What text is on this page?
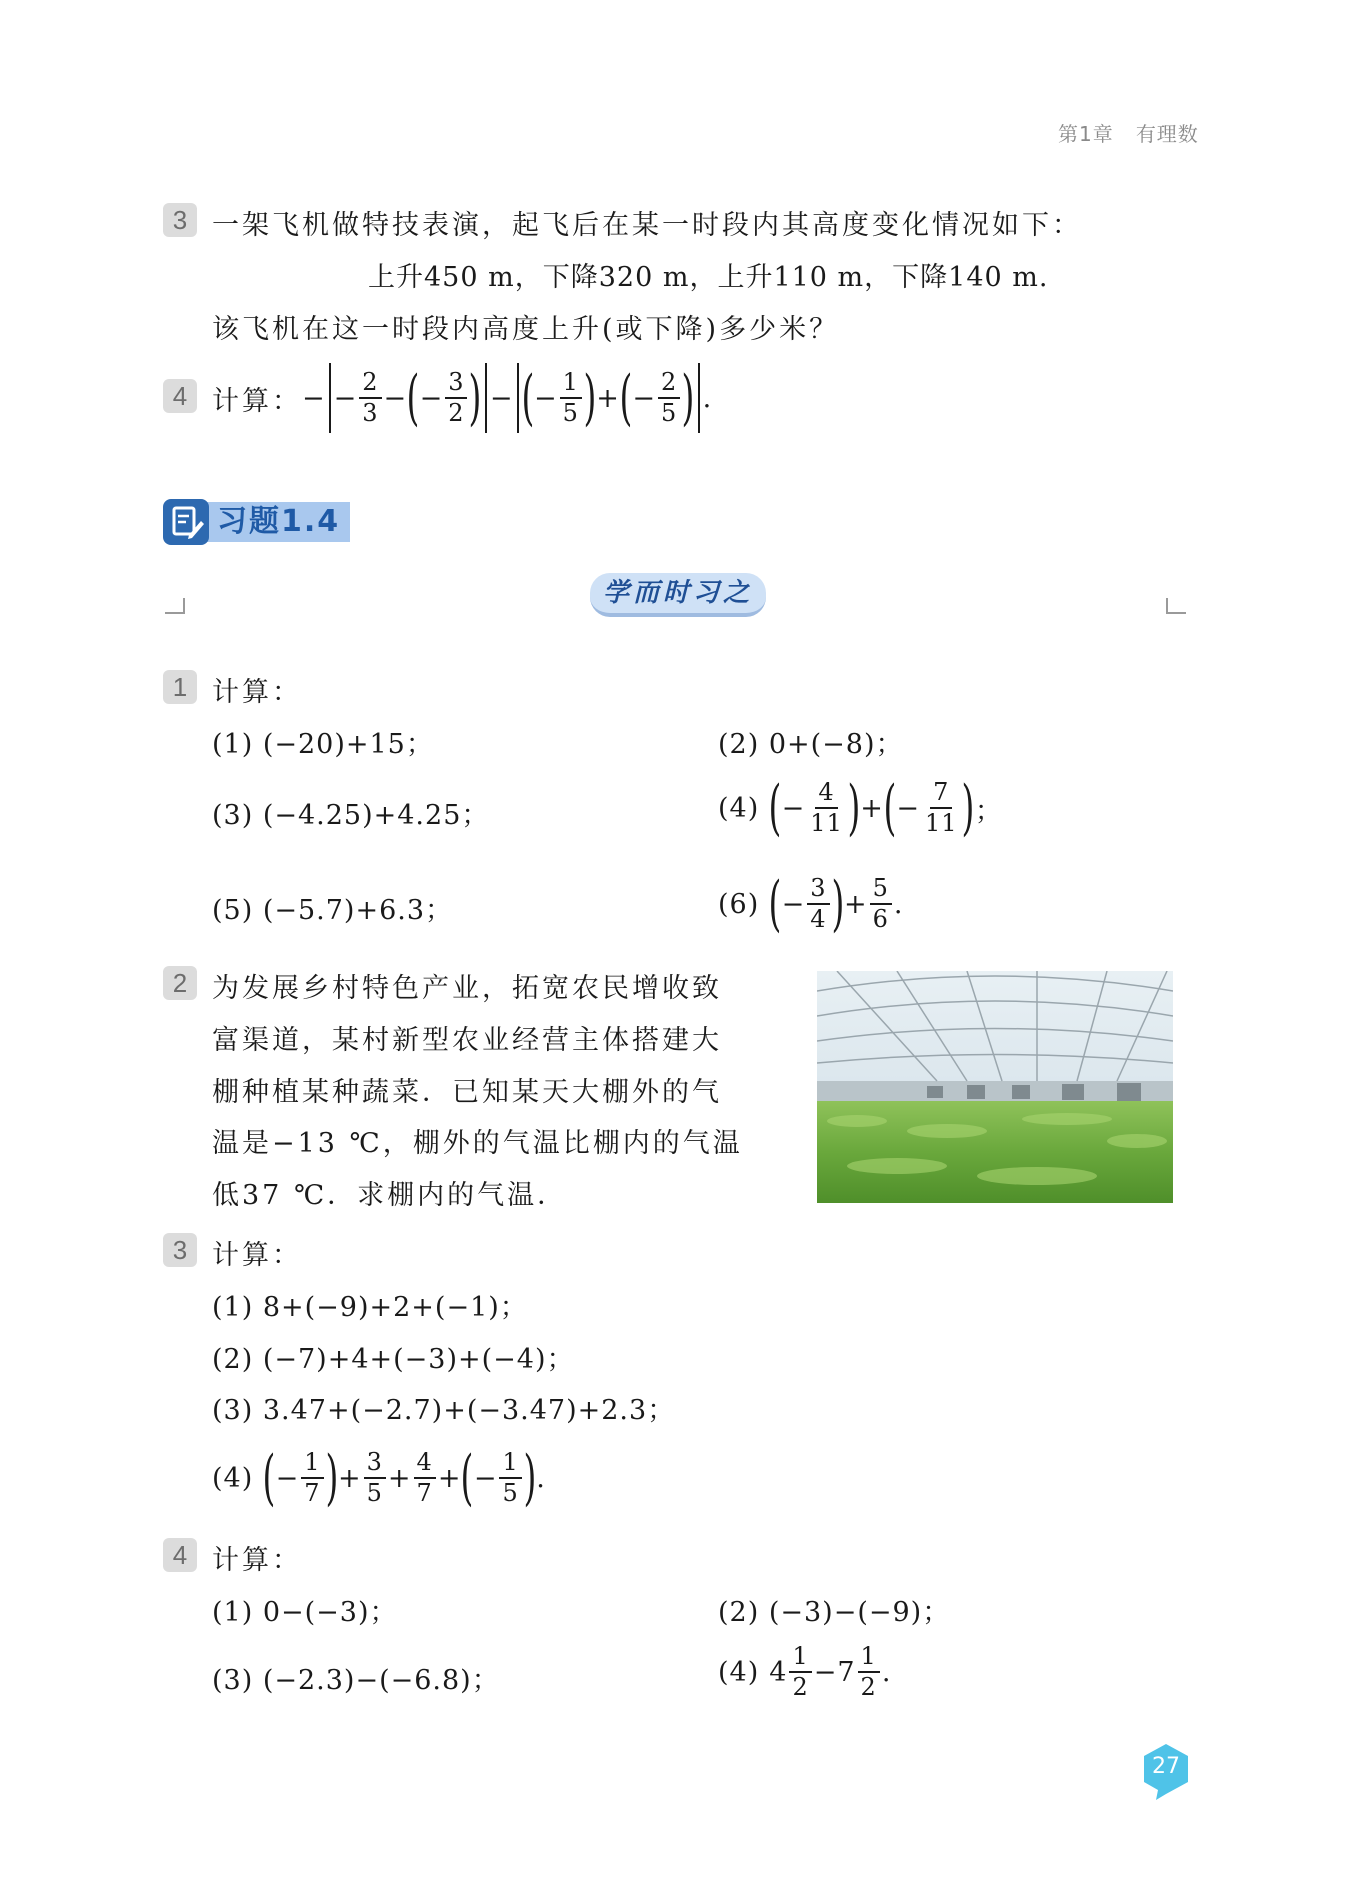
第1章 有理数
3 一架飞机做特技表演，起飞后在某一时段内其高度变化情况如下：
上升450 m，下降320 m，上升110 m，下降140 m.
该飞机在这一时段内高度上升(或下降)多少米？
4 计算： − − $\frac{2}{3}$ − ( − $\frac{3}{2}$ ) − ( − $\frac{1}{5}$ ) + ( − $\frac{2}{5}$ ) .
习题1.4
学而时习之
1 计算：
(1) (−20)+15；	(2) 0+(−8)；
(3) (−4.25)+4.25；	(4) ( − $\frac{4}{11}$ ) + ( − $\frac{7}{11}$ ) ；
(5) (−5.7)+6.3；	(6) ( − $\frac{3}{4}$ ) + $\frac{5}{6}$ .
2 为发展乡村特色产业，拓宽农民增收致
富渠道，某村新型农业经营主体搭建大
棚种植某种蔬菜．已知某天大棚外的气
温是−13 ℃，棚外的气温比棚内的气温
低37 ℃．求棚内的气温．
3 计算：
(1) 8+(−9)+2+(−1)；
(2) (−7)+4+(−3)+(−4)；
(3) 3.47+(−2.7)+(−3.47)+2.3；
(4) ( − $\frac{1}{7}$ ) + $\frac{3}{5} + \frac{4}{7}$ + ( − $\frac{1}{5}$ ) .
4 计算：
(1) 0−(−3)；	(2) (−3)−(−9)；
(3) (−2.3)−(−6.8)；	(4) $4 \frac{1}{2} -7 \frac{1}{2}$ .
27
